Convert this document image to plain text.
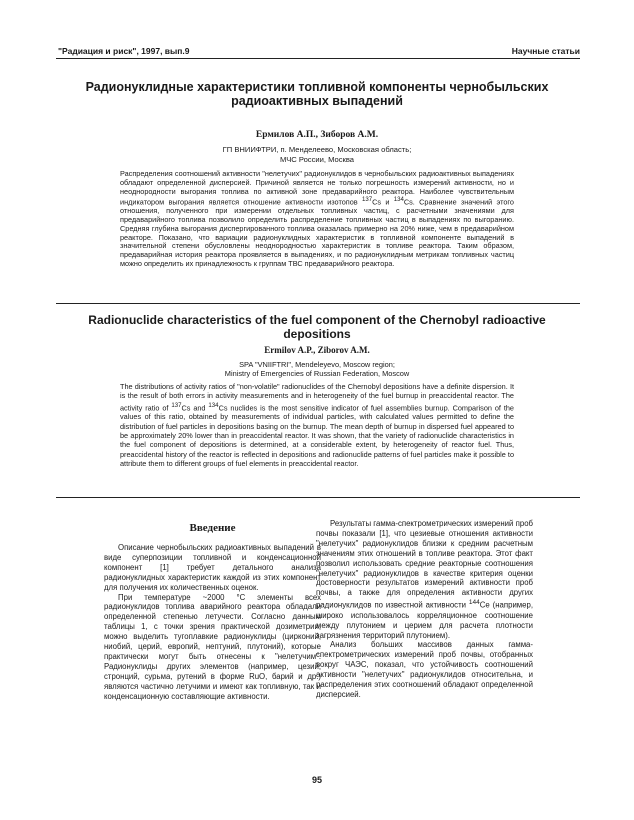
"Радиация и риск", 1997, вып.9	Научные статьи
Радионуклидные характеристики топливной компоненты чернобыльских радиоактивных выпадений
Ермилов А.П., Зиборов А.М.
ГП ВНИИФТРИ, п. Менделеево, Московская область;
МЧС России, Москва

Распределения соотношений активности "нелетучих" радионуклидов в чернобыльских радиоактивных выпадениях обладают определенной дисперсией. Причиной является не только погрешность измерений активности, но и неоднородности выгорания топлива по активной зоне предаварийного реактора. Наиболее чувствительным индикатором выгорания является отношение активности изотопов $^{137}$Cs и $^{134}$Cs. Сравнение значений этого отношения, полученного при измерении отдельных топливных частиц, с расчетными значениями для предаварийного топлива позволило определить распределение топливных частиц в выпадениях по выгоранию. Средняя глубина выгорания диспергированного топлива оказалась примерно на 20% ниже, чем в предаварийном реакторе. Показано, что вариации радионуклидных характеристик в топливной компоненте выпадений в значительной степени обусловлены неоднородностью характеристик в топливе реактора. Таким образом, предаварийная история реактора проявляется в выпадениях, и по радионуклидным метрикам топливных частиц можно определить их принадлежность к группам ТВС предаварийного реактора.

Radionuclide characteristics of the fuel component of the Chernobyl radioactive depositions
Ermilov A.P., Ziborov A.M.
SPA "VNIIFTRI", Mendeleyevo, Moscow region;
Ministry of Emergencies of Russian Federation, Moscow

The distributions of activity ratios of "non-volatile" radionuclides of the Chernobyl depositions have a definite dispersion. It is the result of both errors in activity measurements and in heterogeneity of the fuel burnup in preaccidental reactor. The activity ratio of $^{137}$Cs and $^{134}$Cs nuclides is the most sensitive indicator of fuel assemblies burnup. Comparison of the values of this ratio, obtained by measurements of individual particles, with calculated values permitted to define the distribution of fuel particles in depositions basing on the burnup. The mean depth of burnup in dispersed fuel appeared to be approximately 20% lower than in preaccidental reactor. It was shown, that the variety of radionuclide characteristics in the fuel component of depositions is determined, at a considerable extent, by heterogeneity of reactor fuel. Thus, preaccidental history of the reactor is reflected in depositions and radionuclide patterns of fuel particles make it possible to attribute them to different groups of fuel elements in preaccidental reactor.

Введение

Описание чернобыльских радиоактивных выпадений в виде суперпозиции топливной и конденсационной компонент [1] требует детального анализа радионуклидных характеристик каждой из этих компонент для получения их количественных оценок.

При температуре ~2000 °С элементы всех радионуклидов топлива аварийного реактора обладали определенной степенью летучести. Согласно данным таблицы 1, с точки зрения практической дозиметрии, можно выделить тугоплавкие радионуклиды (цирконий, ниобий, церий, европий, нептуний, плутоний), которые практически могут быть отнесены к "нелетучим". Радионуклиды других элементов (например, цезий, стронций, сурьма, рутений в форме RuO, барий и др.) являются частично летучими и имеют как топливную, так и конденсационную составляющие активности.

Результаты гамма-спектрометрических измерений проб почвы показали [1], что цезиевые отношения активности "нелетучих" радионуклидов близки к средним расчетным значениям этих отношений в топливе реактора. Этот факт позволил использовать средние реакторные соотношения "нелетучих" радионуклидов в качестве критерия оценки достоверности результатов измерений активности проб почвы, а также для определения активности других радионуклидов по известной активности $^{144}$Ce (например, широко использовалось корреляционное соотношение между плутонием и церием для расчета плотности загрязнения территорий плутонием).

Анализ больших массивов данных гамма-спектрометрических измерений проб почвы, отобранных вокруг ЧАЭС, показал, что устойчивость соотношений активности "нелетучих" радионуклидов относительна, и распределения этих соотношений обладают определенной дисперсией.

95
